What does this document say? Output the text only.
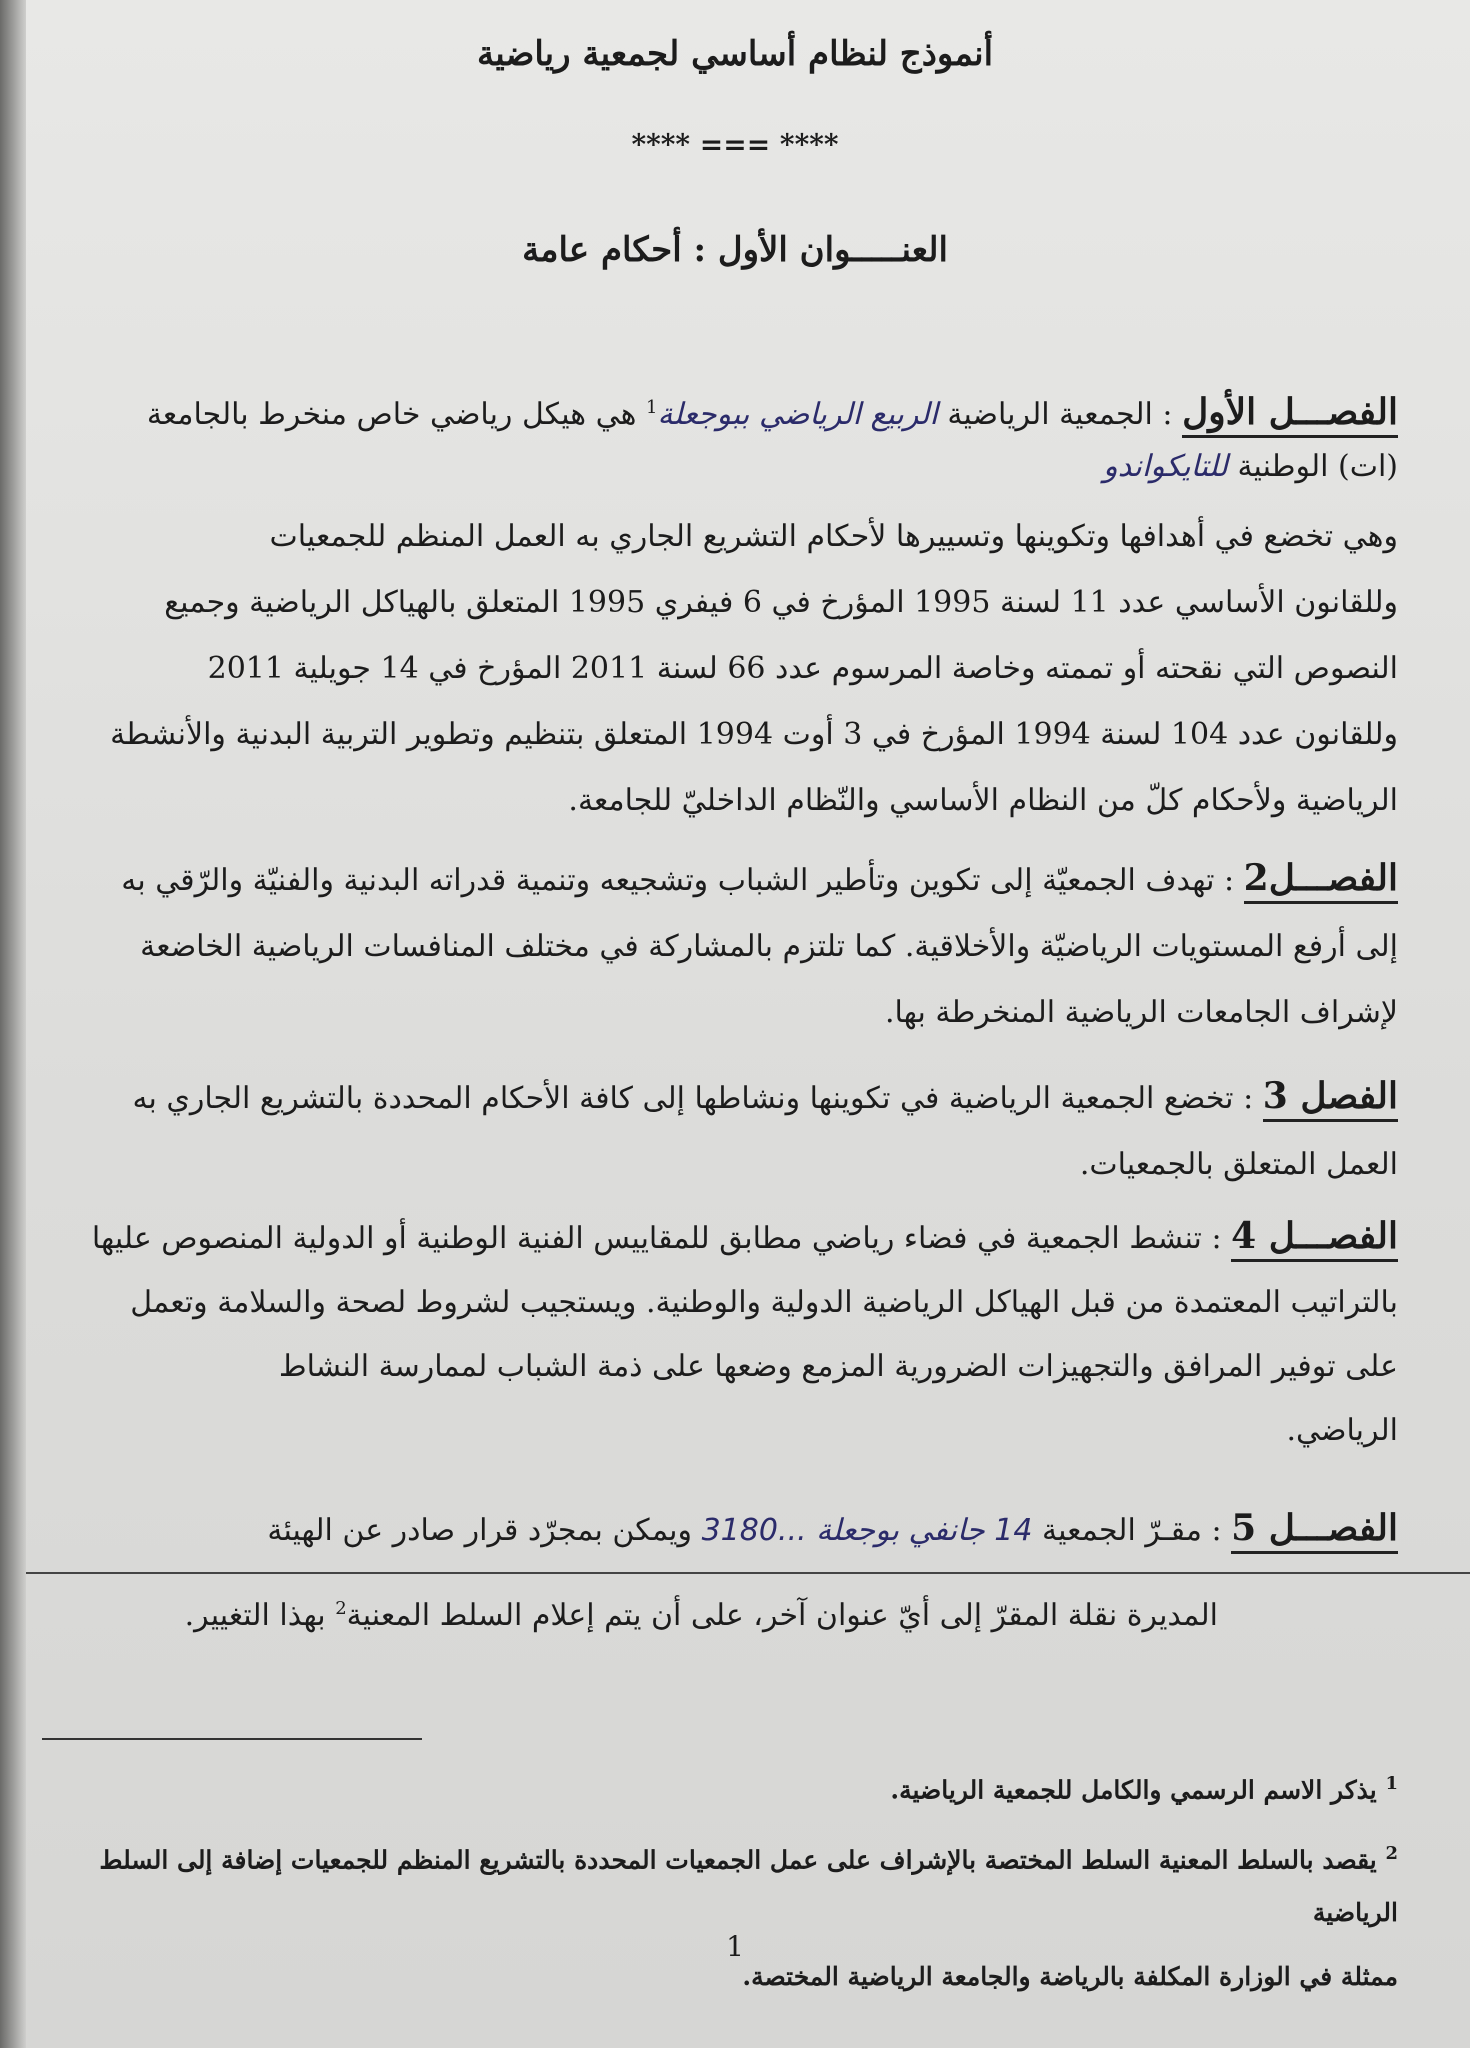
أنموذج لنظام أساسي لجمعية رياضية
**** === ****
العنـــــوان الأول : أحكام عامة
الفصـــل الأول : الجمعية الرياضية الربيع الرياضي ببوجعلة$^1$ هي هيكل رياضي خاص منخرط بالجامعة
(ات) الوطنية للتايكواندو
وهي تخضع في أهدافها وتكوينها وتسييرها لأحكام التشريع الجاري به العمل المنظم للجمعيات
وللقانون الأساسي عدد 11 لسنة 1995 المؤرخ في 6 فيفري 1995 المتعلق بالهياكل الرياضية وجميع
النصوص التي نقحته أو تممته وخاصة المرسوم عدد 66 لسنة 2011 المؤرخ في 14 جويلية 2011
وللقانون عدد 104 لسنة 1994 المؤرخ في 3 أوت 1994 المتعلق بتنظيم وتطوير التربية البدنية والأنشطة
الرياضية ولأحكام كلّ من النظام الأساسي والنّظام الداخليّ للجامعة.
الفصـــل2 : تهدف الجمعيّة إلى تكوين وتأطير الشباب وتشجيعه وتنمية قدراته البدنية والفنيّة والرّقي به
إلى أرفع المستويات الرياضيّة والأخلاقية. كما تلتزم بالمشاركة في مختلف المنافسات الرياضية الخاضعة
لإشراف الجامعات الرياضية المنخرطة بها.
الفصل 3 : تخضع الجمعية الرياضية في تكوينها ونشاطها إلى كافة الأحكام المحددة بالتشريع الجاري به
العمل المتعلق بالجمعيات.
الفصـــل 4 : تنشط الجمعية في فضاء رياضي مطابق للمقاييس الفنية الوطنية أو الدولية المنصوص عليها
بالتراتيب المعتمدة من قبل الهياكل الرياضية الدولية والوطنية. ويستجيب لشروط لصحة والسلامة وتعمل
على توفير المرافق والتجهيزات الضرورية المزمع وضعها على ذمة الشباب لممارسة النشاط
الرياضي.
الفصـــل 5 : مقـرّ الجمعية 14 جانفي بوجعلة ...3180 ويمكن بمجرّد قرار صادر عن الهيئة
المديرة نقلة المقرّ إلى أيّ عنوان آخر، على أن يتم إعلام السلط المعنية$^2$ بهذا التغيير.
$^1$ يذكر الاسم الرسمي والكامل للجمعية الرياضية.
$^2$ يقصد بالسلط المعنية السلط المختصة بالإشراف على عمل الجمعيات المحددة بالتشريع المنظم للجمعيات إضافة إلى السلط الرياضية
ممثلة في الوزارة المكلفة بالرياضة والجامعة الرياضية المختصة.
1
